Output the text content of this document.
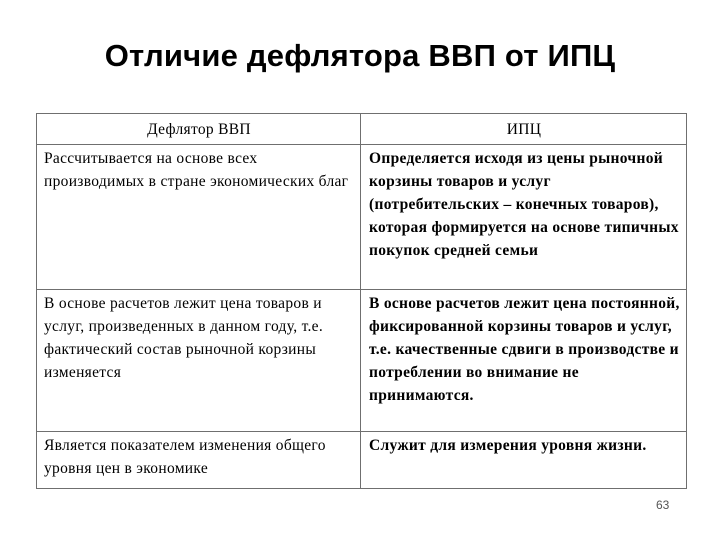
Отличие дефлятора ВВП от ИПЦ
Дефлятор ВВП	ИПЦ
Рассчитывается на основе всех производимых в стране экономических благ	Определяется исходя из цены рыночной корзины товаров и услуг (потребительских – конечных товаров), которая формируется на основе типичных покупок средней семьи
В основе расчетов лежит цена товаров и услуг, произведенных в данном году, т.е. фактический состав рыночной корзины изменяется	В основе расчетов лежит цена постоянной, фиксированной корзины товаров и услуг, т.е. качественные сдвиги в производстве и потреблении во внимание не принимаются.
Является показателем изменения общего уровня цен в экономике	Служит для измерения уровня жизни.
63
